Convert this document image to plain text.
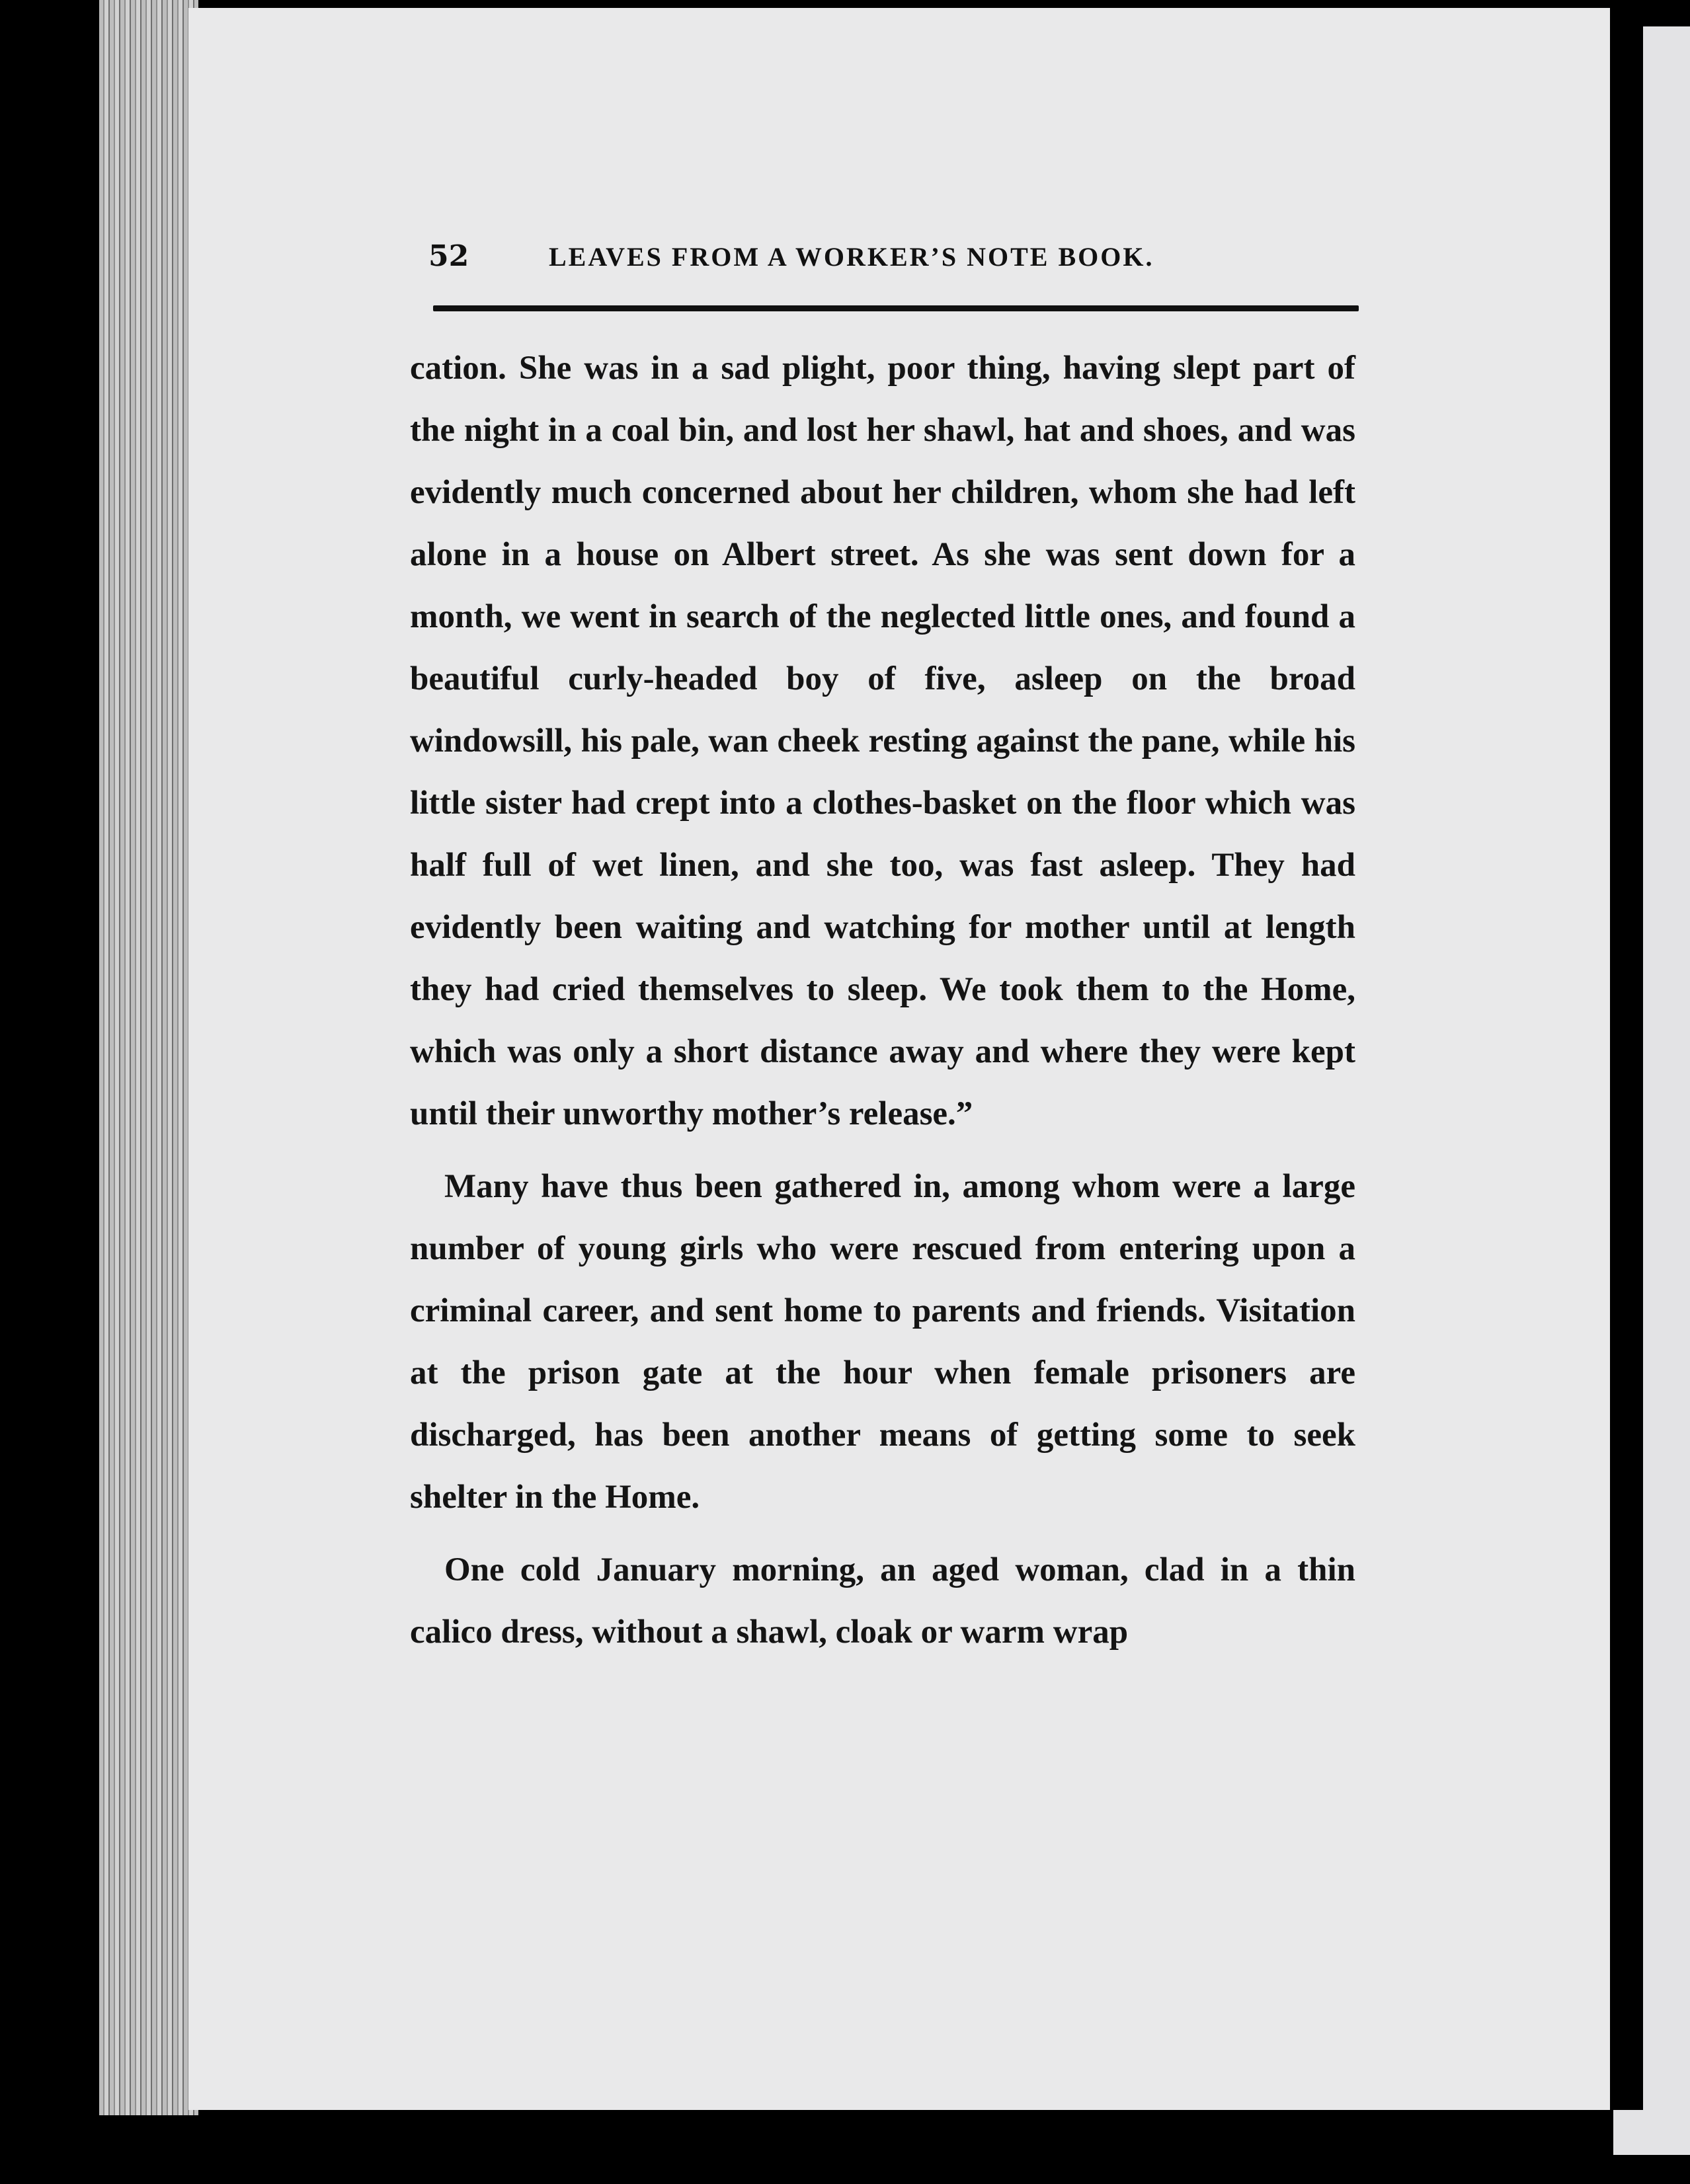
52	LEAVES FROM A WORKER’S NOTE BOOK.

cation. She was in a sad plight, poor thing, having slept part of the night in a coal bin, and lost her shawl, hat and shoes, and was evidently much concerned about her children, whom she had left alone in a house on Albert street. As she was sent down for a month, we went in search of the neglected little ones, and found a beautiful curly-headed boy of five, asleep on the broad windowsill, his pale, wan cheek resting against the pane, while his little sister had crept into a clothes-basket on the floor which was half full of wet linen, and she too, was fast asleep. They had evidently been waiting and watching for mother until at length they had cried themselves to sleep. We took them to the Home, which was only a short distance away and where they were kept until their unworthy mother’s release.”

Many have thus been gathered in, among whom were a large number of young girls who were rescued from entering upon a criminal career, and sent home to parents and friends. Visitation at the prison gate at the hour when female prisoners are discharged, has been another means of getting some to seek shelter in the Home.

One cold January morning, an aged woman, clad in a thin calico dress, without a shawl, cloak or warm wrap
